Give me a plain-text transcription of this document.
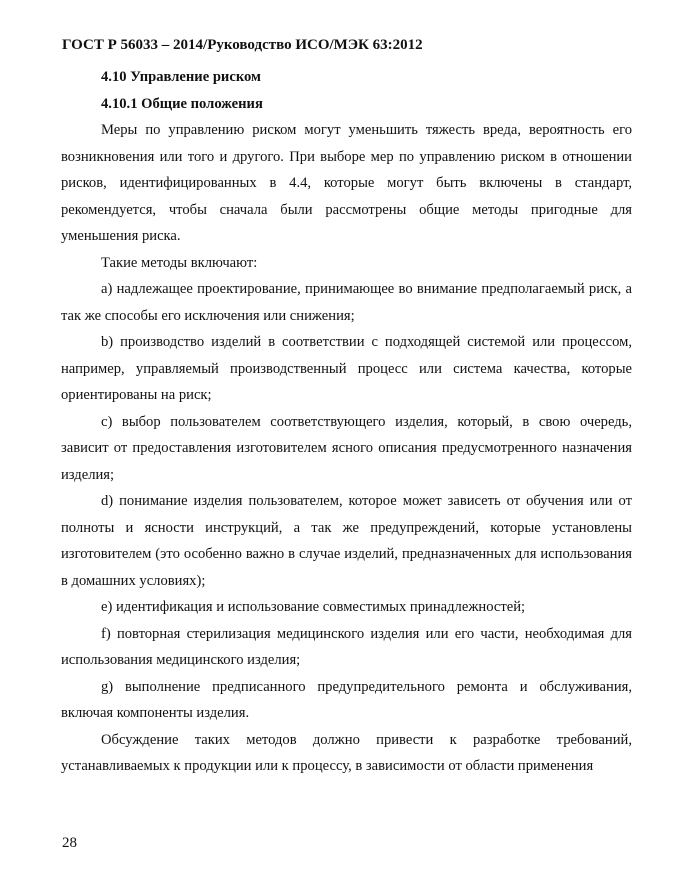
ГОСТ Р 56033 – 2014/Руководство ИСО/МЭК 63:2012

4.10 Управление риском

4.10.1 Общие положения

Меры по управлению риском могут уменьшить тяжесть вреда, вероятность его возникновения или того и другого. При выборе мер по управлению риском в отношении рисков, идентифицированных в 4.4, которые могут быть включены в стандарт, рекомендуется, чтобы сначала были рассмотрены общие методы пригодные для уменьшения риска.

Такие методы включают:

a) надлежащее проектирование, принимающее во внимание предполагаемый риск, а так же способы его исключения или снижения;

b) производство изделий в соответствии с подходящей системой или процессом, например, управляемый производственный процесс или система качества, которые ориентированы на риск;

c) выбор пользователем соответствующего изделия, который, в свою очередь, зависит от предоставления изготовителем ясного описания предусмотренного назначения изделия;

d) понимание изделия пользователем, которое может зависеть от обучения или от полноты и ясности инструкций, а так же предупреждений, которые установлены изготовителем (это особенно важно в случае изделий, предназначенных для использования в домашних условиях);

e) идентификация и использование совместимых принадлежностей;

f) повторная стерилизация медицинского изделия или его части, необходимая для использования медицинского изделия;

g) выполнение предписанного предупредительного ремонта и обслуживания, включая компоненты изделия.

Обсуждение таких методов должно привести к разработке требований, устанавливаемых к продукции или к процессу, в зависимости от области применения

28
